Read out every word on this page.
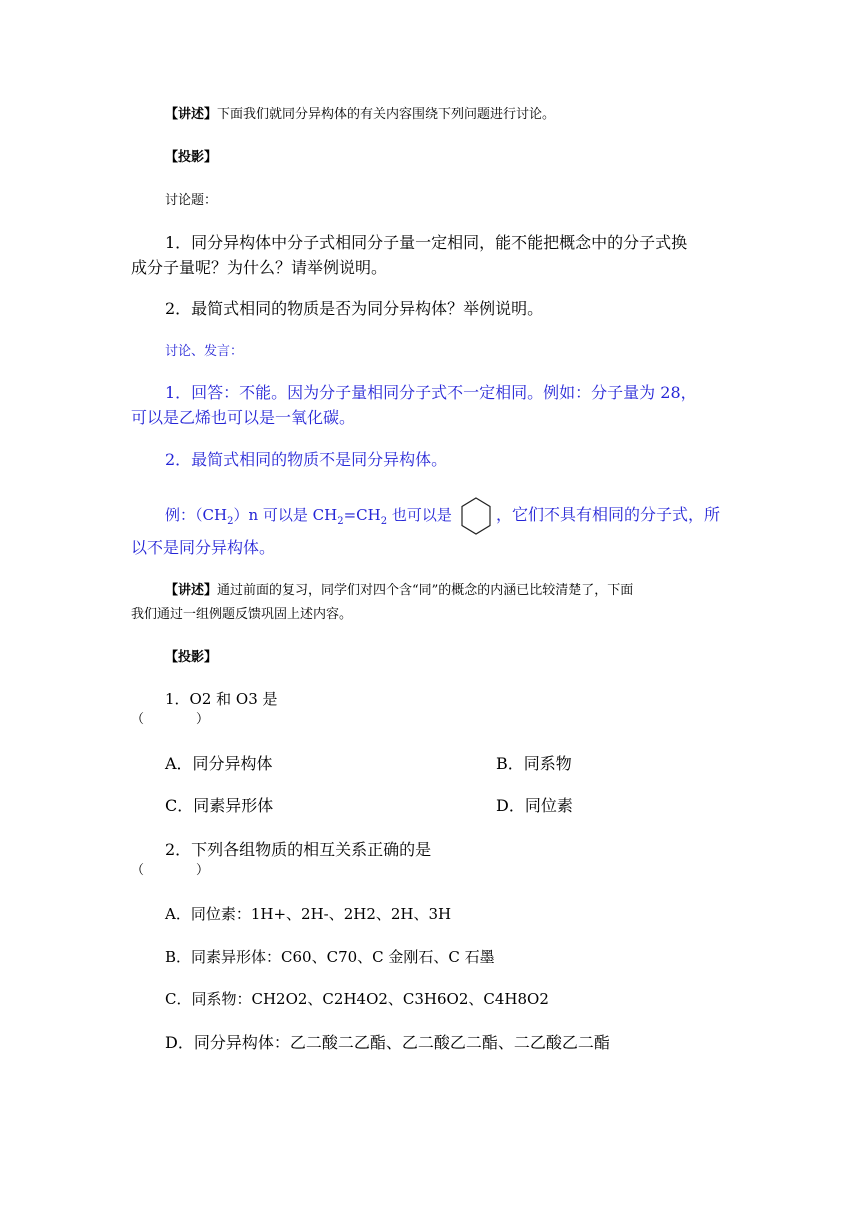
【讲述】下面我们就同分异构体的有关内容围绕下列问题进行讨论。
【投影】
讨论题：
1．同分异构体中分子式相同分子量一定相同，能不能把概念中的分子式换
成分子量呢？为什么？请举例说明。
2．最简式相同的物质是否为同分异构体？举例说明。
讨论、发言：
1．回答：不能。因为分子量相同分子式不一定相同。例如：分子量为 28，
可以是乙烯也可以是一氧化碳。
2．最简式相同的物质不是同分异构体。
例：$(CH_2)n$ 可以是 $CH_2=CH_2$ 也可以是	，它们不具有相同的分子式，所
以不是同分异构体。
【讲述】通过前面的复习，同学们对四个含“同”的概念的内涵已比较清楚了，下面
我们通过一组例题反馈巩固上述内容。
【投影】
1．O2 和 O3 是
（　　　　）
A．同分异构体	B．同系物
C．同素异形体	D．同位素
2．下列各组物质的相互关系正确的是
（　　　　）
A．同位素：1H+、2H-、2H2、2H、3H
B．同素异形体：C60、C70、C 金刚石、C 石墨
C．同系物：CH2O2、C2H4O2、C3H6O2、C4H8O2
D．同分异构体：乙二酸二乙酯、乙二酸乙二酯、二乙酸乙二酯
